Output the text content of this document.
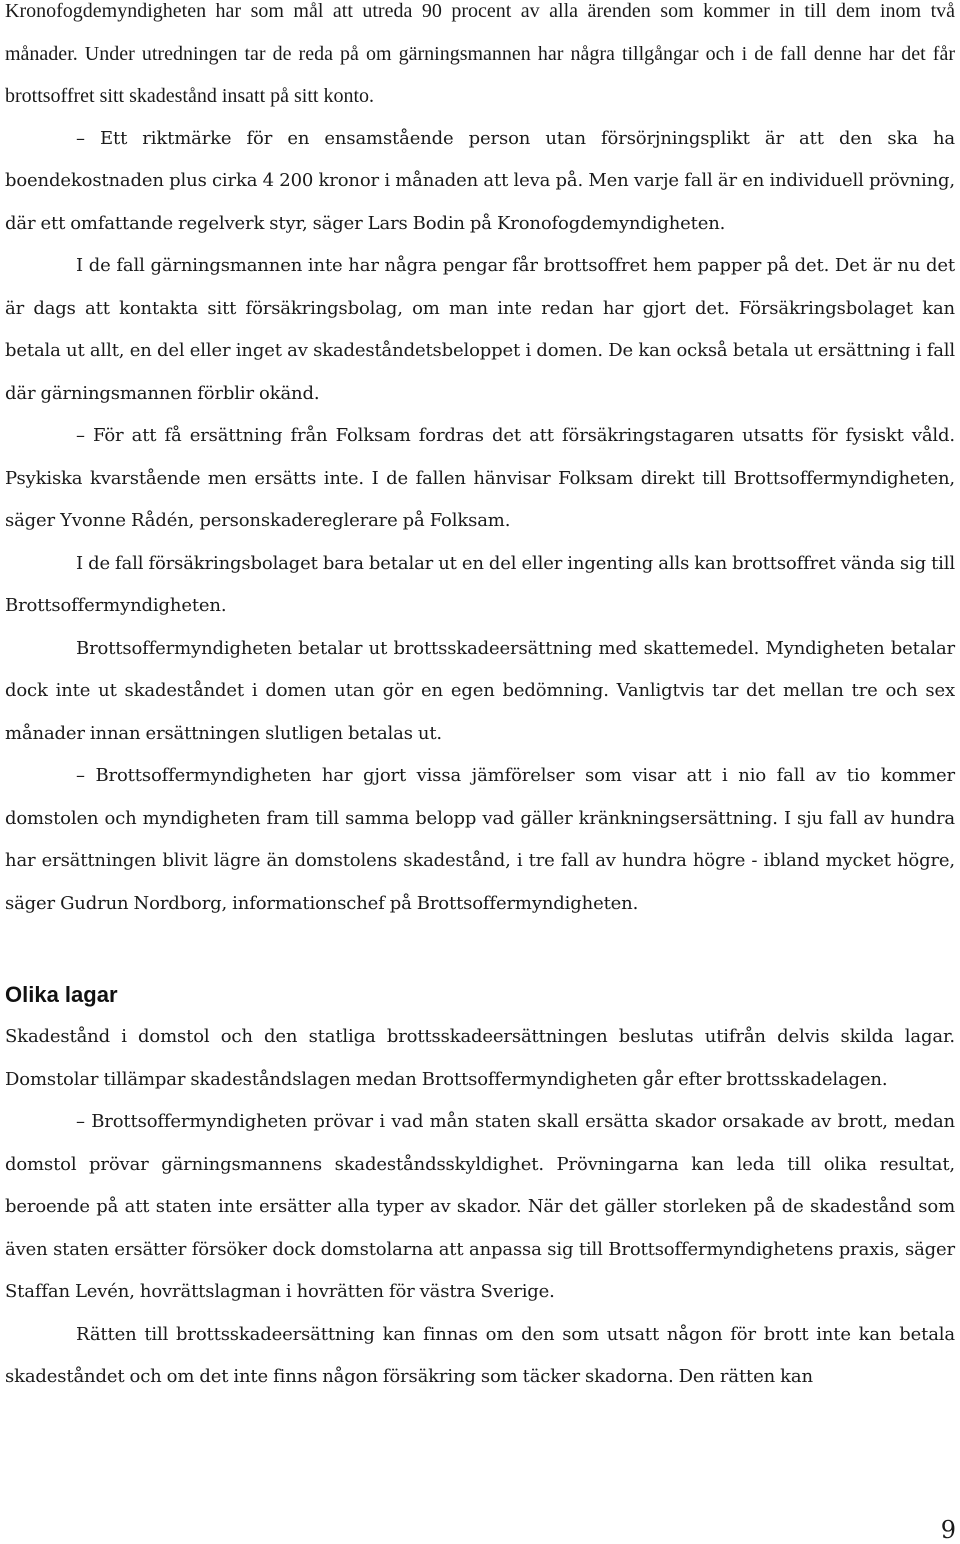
Kronofogdemyndigheten har som mål att utreda 90 procent av alla ärenden som kommer in till dem inom två månader. Under utredningen tar de reda på om gärningsmannen har några tillgångar och i de fall denne har det får brottsoffret sitt skadestånd insatt på sitt konto.

– Ett riktmärke för en ensamstående person utan försörjningsplikt är att den ska ha boendekostnaden plus cirka 4 200 kronor i månaden att leva på. Men varje fall är en individuell prövning, där ett omfattande regelverk styr, säger Lars Bodin på Kronofogdemyndigheten.

I de fall gärningsmannen inte har några pengar får brottsoffret hem papper på det. Det är nu det är dags att kontakta sitt försäkringsbolag, om man inte redan har gjort det. Försäkringsbolaget kan betala ut allt, en del eller inget av skadeståndetsbeloppet i domen. De kan också betala ut ersättning i fall där gärningsmannen förblir okänd.

– För att få ersättning från Folksam fordras det att försäkringstagaren utsatts för fysiskt våld. Psykiska kvarstående men ersätts inte. I de fallen hänvisar Folksam direkt till Brottsoffermyndigheten, säger Yvonne Rådén, personskadereglerare på Folksam.

I de fall försäkringsbolaget bara betalar ut en del eller ingenting alls kan brottsoffret vända sig till Brottsoffermyndigheten.

Brottsoffermyndigheten betalar ut brottsskadeersättning med skattemedel. Myndigheten betalar dock inte ut skadeståndet i domen utan gör en egen bedömning. Vanligtvis tar det mellan tre och sex månader innan ersättningen slutligen betalas ut.

– Brottsoffermyndigheten har gjort vissa jämförelser som visar att i nio fall av tio kommer domstolen och myndigheten fram till samma belopp vad gäller kränkningsersättning. I sju fall av hundra har ersättningen blivit lägre än domstolens skadestånd, i tre fall av hundra högre - ibland mycket högre, säger Gudrun Nordborg, informationschef på Brottsoffermyndigheten.

Olika lagar

Skadestånd i domstol och den statliga brottsskadeersättningen beslutas utifrån delvis skilda lagar. Domstolar tillämpar skadeståndslagen medan Brottsoffermyndigheten går efter brottsskadelagen.

– Brottsoffermyndigheten prövar i vad mån staten skall ersätta skador orsakade av brott, medan domstol prövar gärningsmannens skadeståndsskyldighet. Prövningarna kan leda till olika resultat, beroende på att staten inte ersätter alla typer av skador. När det gäller storleken på de skadestånd som även staten ersätter försöker dock domstolarna att anpassa sig till Brottsoffermyndighetens praxis, säger Staffan Levén, hovrättslagman i hovrätten för västra Sverige.

Rätten till brottsskadeersättning kan finnas om den som utsatt någon för brott inte kan betala skadeståndet och om det inte finns någon försäkring som täcker skadorna. Den rätten kan

9
